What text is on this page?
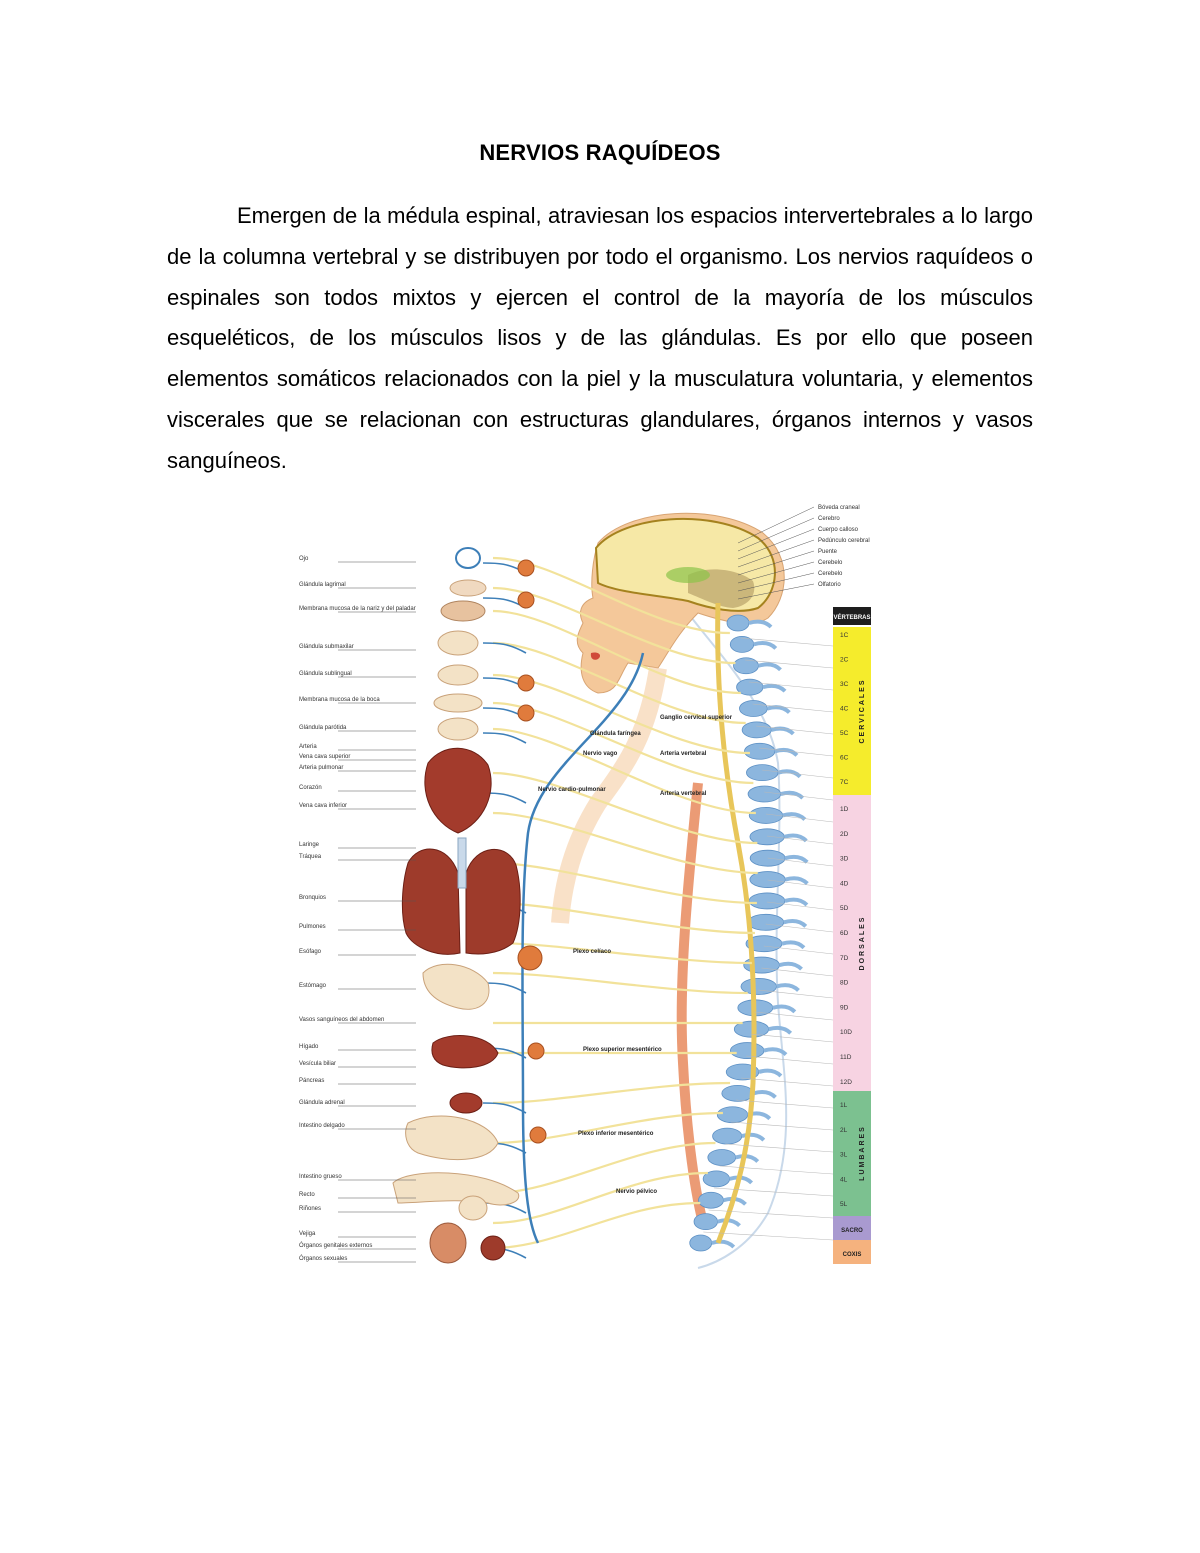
NERVIOS RAQUÍDEOS

Emergen de la médula espinal, atraviesan los espacios intervertebrales a lo largo de la columna vertebral y se distribuyen por todo el organismo. Los nervios raquídeos o espinales son todos mixtos y ejercen el control de la mayoría de los músculos esqueléticos, de los músculos lisos y de las glándulas. Es por ello que poseen elementos somáticos relacionados con la piel y la musculatura voluntaria, y elementos viscerales que se relacionan con estructuras glandulares, órganos internos y vasos sanguíneos.

Ojo
Glándula lagrimal
Membrana mucosa de la nariz y del paladar
Glándula submaxilar
Glándula sublingual
Membrana mucosa de la boca
Glándula parótida
Arteria
Vena cava superior
Arteria pulmonar
Corazón
Vena cava inferior
Laringe
Tráquea
Bronquios
Pulmones
Esófago
Estómago
Vasos sanguíneos del abdomen
Hígado
Vesícula biliar
Páncreas
Glándula adrenal
Intestino delgado
Intestino grueso
Recto
Riñones
Vejiga
Órganos genitales externos
Órganos sexuales
Bóveda craneal
Cerebro
Cuerpo calloso
Pedúnculo cerebral
Puente
Cerebelo
Cerebelo
Olfatorio
Ganglio cervical superior
Glándula faríngea
Nervio vago	Arteria vertebral
Nervio cardio-pulmonar
Arteria vertebral
Plexo celíaco
Plexo superior mesentérico
Plexo inferior mesentérico
Nervio pélvico
VÉRTEBRAS
SACRO
COXIS
CERVICALES
DORSALES
LUMBARES
1C
2C
3C
4C
5C
6C
7C
1D
2D
3D
4D
5D
6D
7D
8D
9D
10D
11D
12D
1L
2L
3L
4L
5L
